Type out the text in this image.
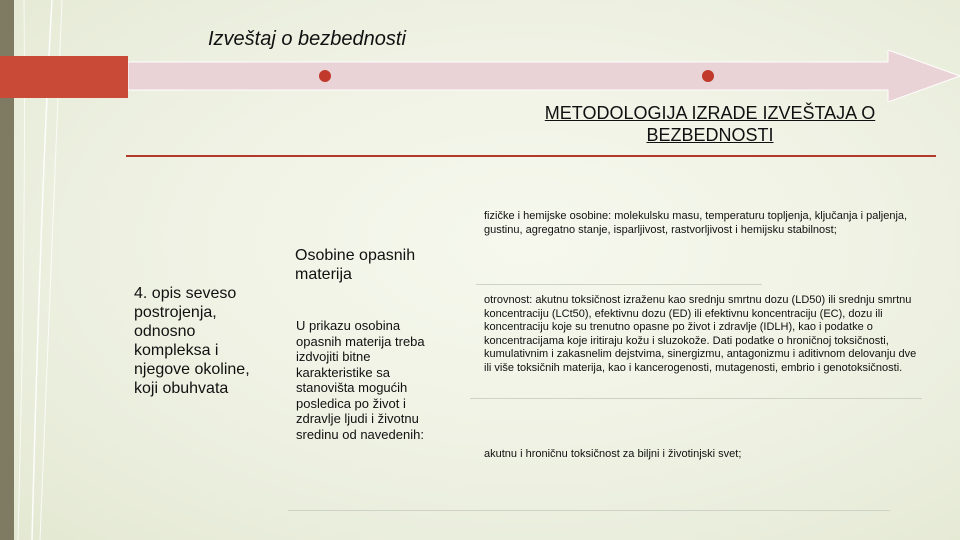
Izveštaj o bezbednosti
METODOLOGIJA IZRADE IZVEŠTAJA O BEZBEDNOSTI
4. opis seveso postrojenja, odnosno kompleksa i njegove okoline, koji obuhvata
Osobine opasnih materija
U prikazu osobina opasnih materija treba izdvojiti bitne karakteristike sa stanovišta mogućih posledica po život i zdravlje ljudi i životnu sredinu od navedenih:
fizičke i hemijske osobine: molekulsku masu, temperaturu topljenja, ključanja i paljenja, gustinu, agregatno stanje, isparljivost, rastvorljivost i hemijsku stabilnost;
otrovnost: akutnu toksičnost izraženu kao srednju smrtnu dozu (LD50) ili srednju smrtnu koncentraciju (LCt50), efektivnu dozu (ED) ili efektivnu koncentraciju (EC), dozu ili koncentraciju koje su trenutno opasne po život i zdravlje (IDLH), kao i podatke o koncentracijama koje iritiraju kožu i sluzokože. Dati podatke o hroničnoj toksičnosti, kumulativnim i zakasnelim dejstvima, sinergizmu, antagonizmu i aditivnom delovanju dve ili više toksičnih materija, kao i kancerogenosti, mutagenosti, embrio i genotoksičnosti.
akutnu i hroničnu toksičnost za biljni i životinjski svet;
